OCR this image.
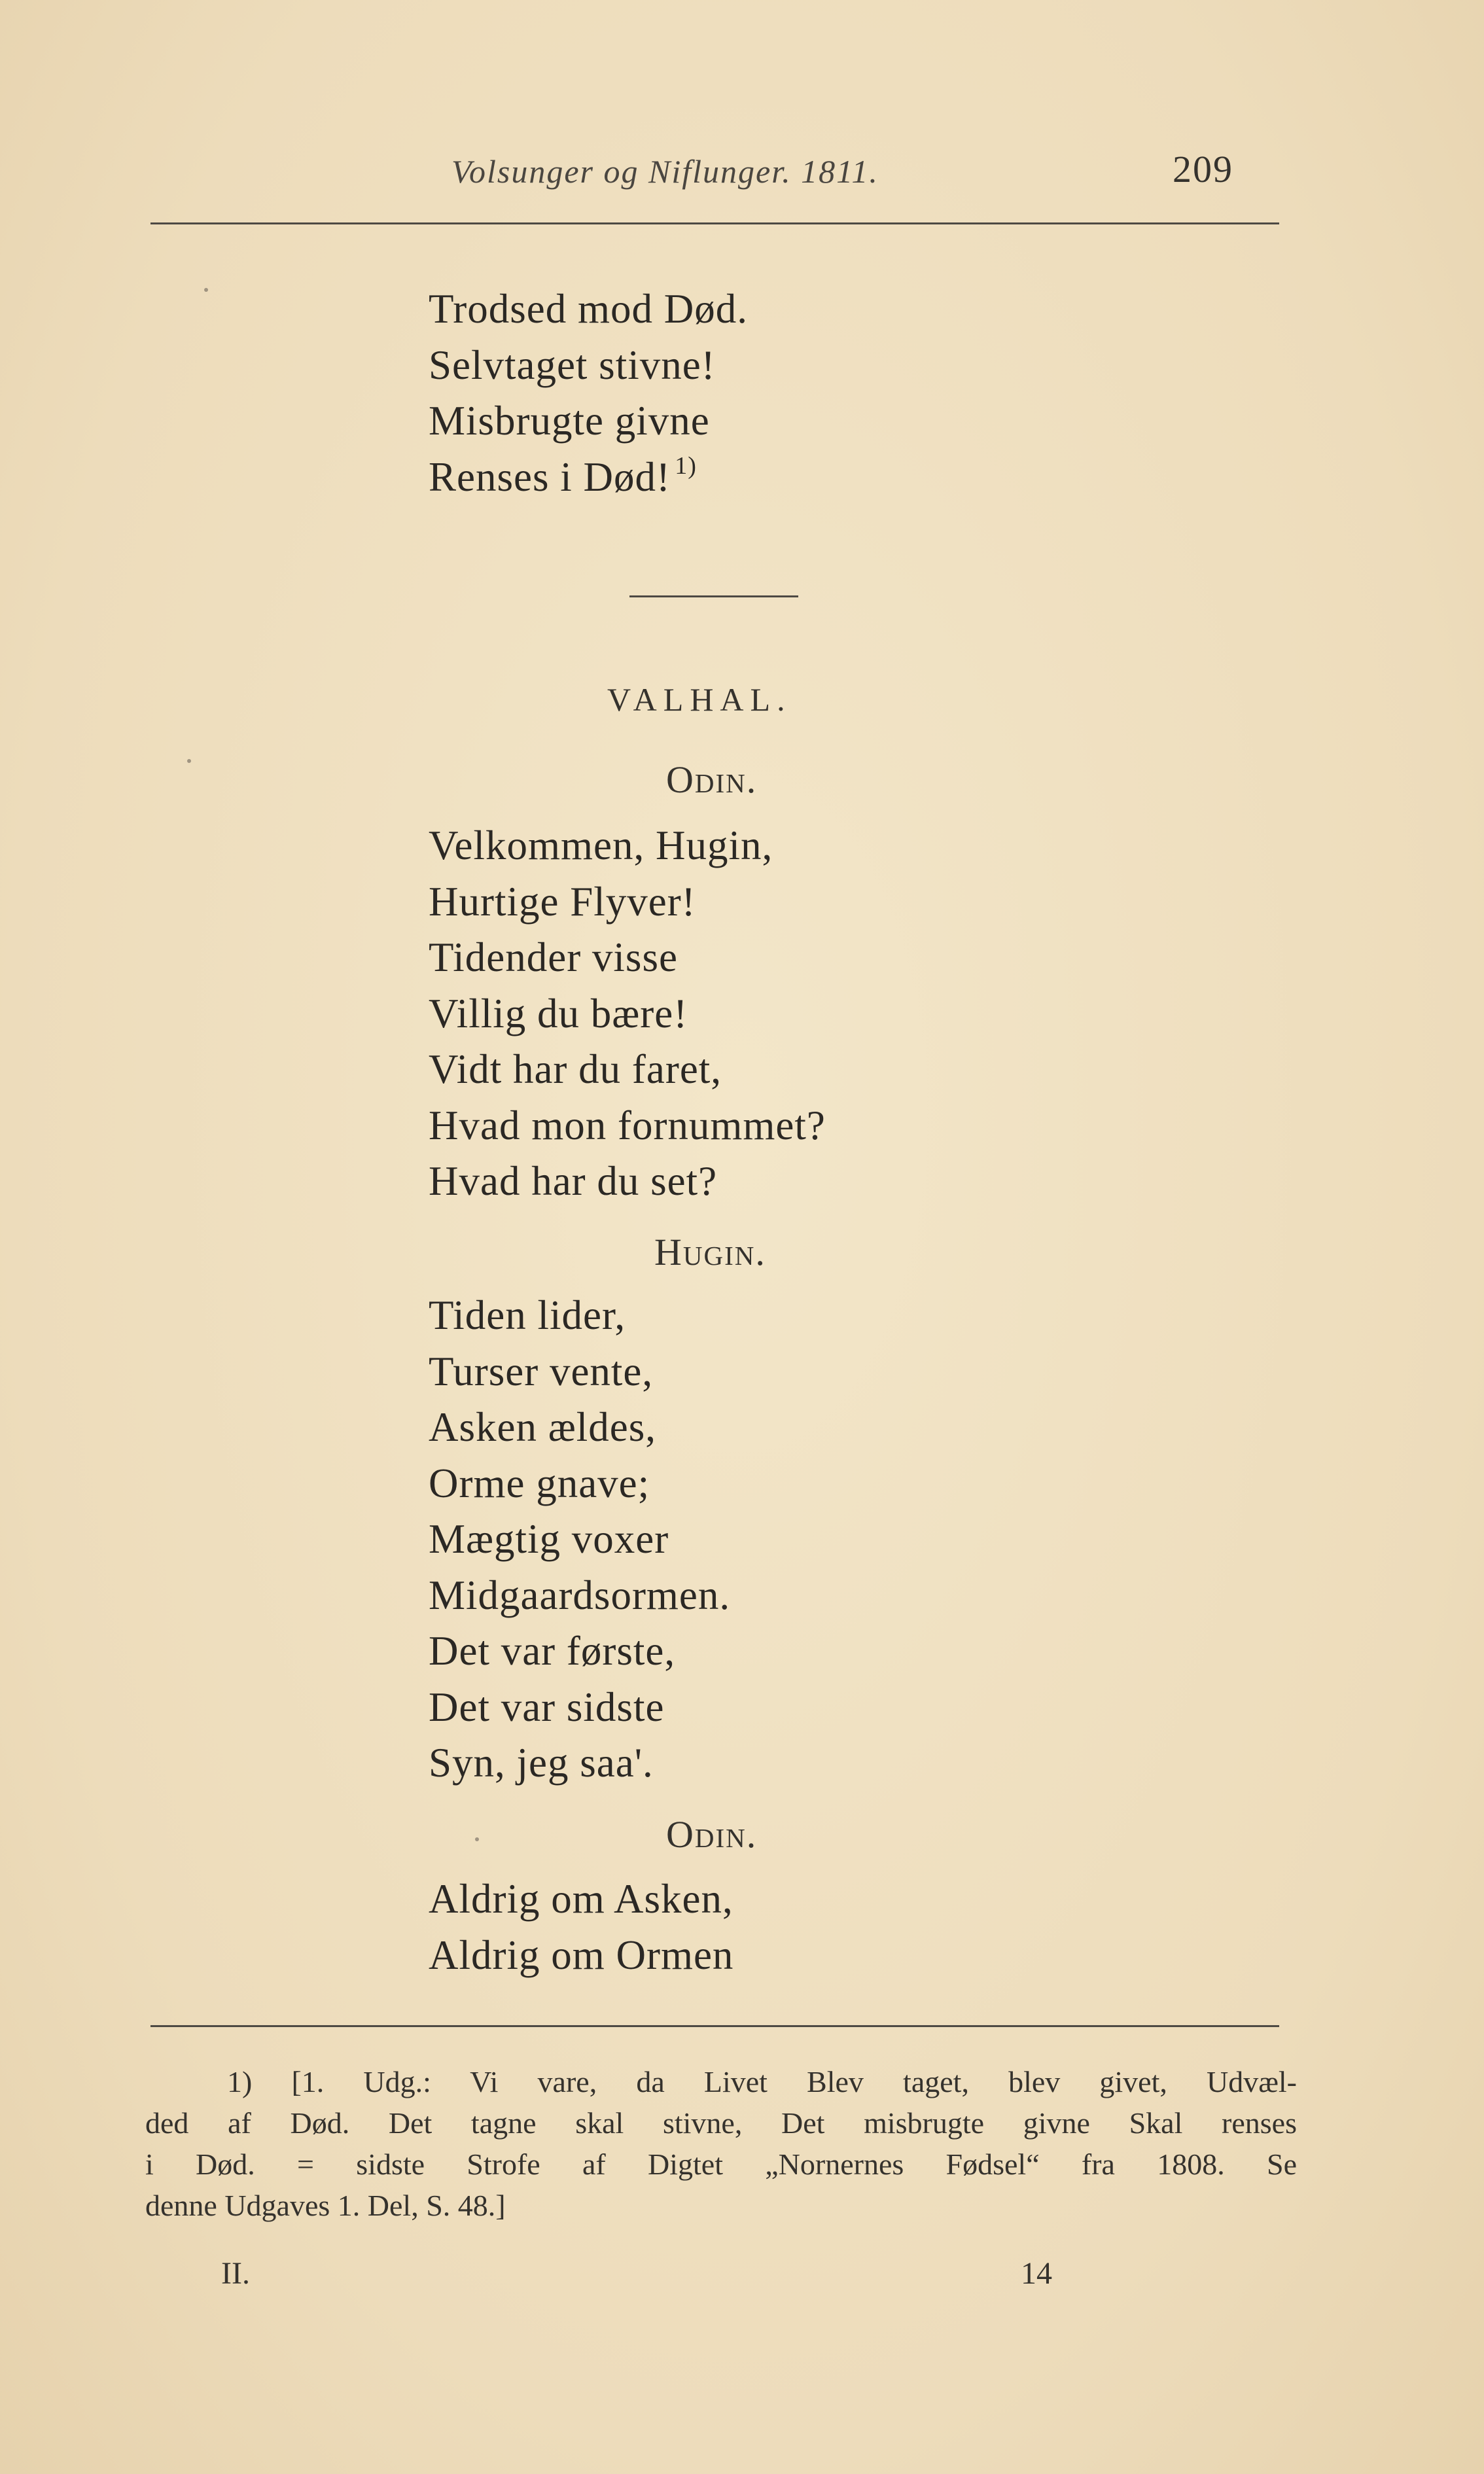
Volsunger og Niflunger. 1811.	209
Trodsed mod Død.
Selvtaget stivne!
Misbrugte givne
Renses i Død!  $^{1)}$
VALHAL.
Odin.
Velkommen, Hugin,
Hurtige Flyver!
Tidender visse
Villig du bære!
Vidt har du faret,
Hvad mon fornummet?
Hvad har du set?
Hugin.
Tiden lider,
Turser vente,
Asken ældes,
Orme gnave;
Mægtig voxer
Midgaardsormen.
Det var første,
Det var sidste
Syn, jeg saa'.
Odin.
Aldrig om Asken,
Aldrig om Ormen
1) [1. Udg.: Vi vare, da Livet Blev taget, blev givet, Udvæl-
ded af Død. Det tagne skal stivne, Det misbrugte givne Skal renses
i Død. = sidste Strofe af Digtet „Nornernes Fødsel“ fra 1808. Se
denne Udgaves 1. Del, S. 48.]
II.	14
